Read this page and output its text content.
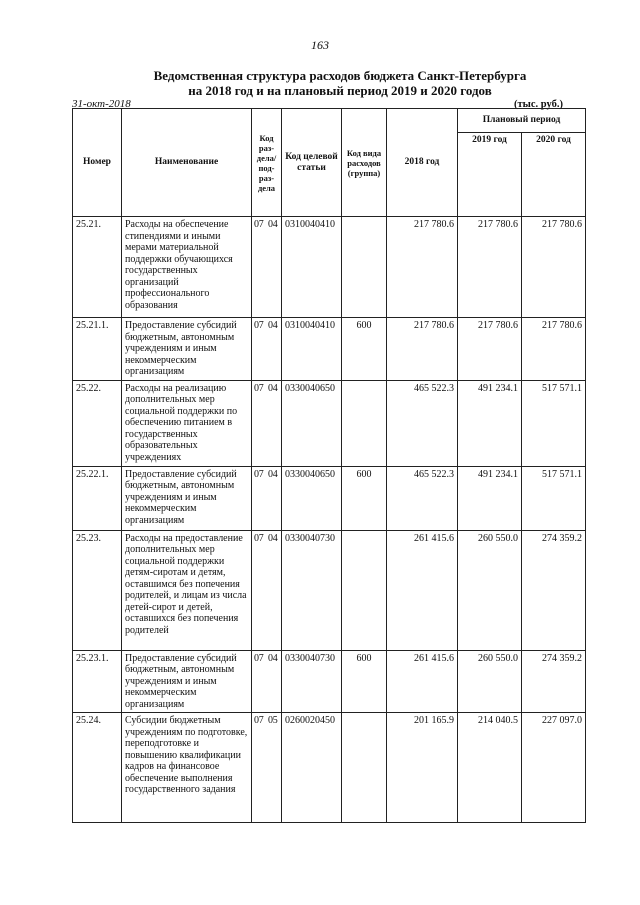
163
Ведомственная структура расходов бюджета Санкт-Петербурга
на 2018 год и на плановый период 2019 и 2020 годов
31-окт-2018	(тыс. руб.)
Номер	Наименование	Код раз-дела/ под-раз-дела	Код целевой статьи	Код вида расходов (группа)	2018 год	Плановый период	
						2019 год	2020 год
25.21.	Расходы на обеспечение стипендиями и иными мерами материальной поддержки обучающихся государственных организаций профессионального образования	07 04	0310040410		217 780.6	217 780.6	217 780.6
25.21.1.	Предоставление субсидий бюджетным, автономным учреждениям и иным некоммерческим организациям	07 04	0310040410	600	217 780.6	217 780.6	217 780.6
25.22.	Расходы на реализацию дополнительных мер социальной поддержки по обеспечению питанием в государственных образовательных учреждениях	07 04	0330040650		465 522.3	491 234.1	517 571.1
25.22.1.	Предоставление субсидий бюджетным, автономным учреждениям и иным некоммерческим организациям	07 04	0330040650	600	465 522.3	491 234.1	517 571.1
25.23.	Расходы на предоставление дополнительных мер социальной поддержки детям-сиротам и детям, оставшимся без попечения родителей, и лицам из числа детей-сирот и детей, оставшихся без попечения родителей	07 04	0330040730		261 415.6	260 550.0	274 359.2
25.23.1.	Предоставление субсидий бюджетным, автономным учреждениям и иным некоммерческим организациям	07 04	0330040730	600	261 415.6	260 550.0	274 359.2
25.24.	Субсидии бюджетным учреждениям по подготовке, переподготовке и повышению квалификации кадров на финансовое обеспечение выполнения государственного задания	07 05	0260020450		201 165.9	214 040.5	227 097.0
